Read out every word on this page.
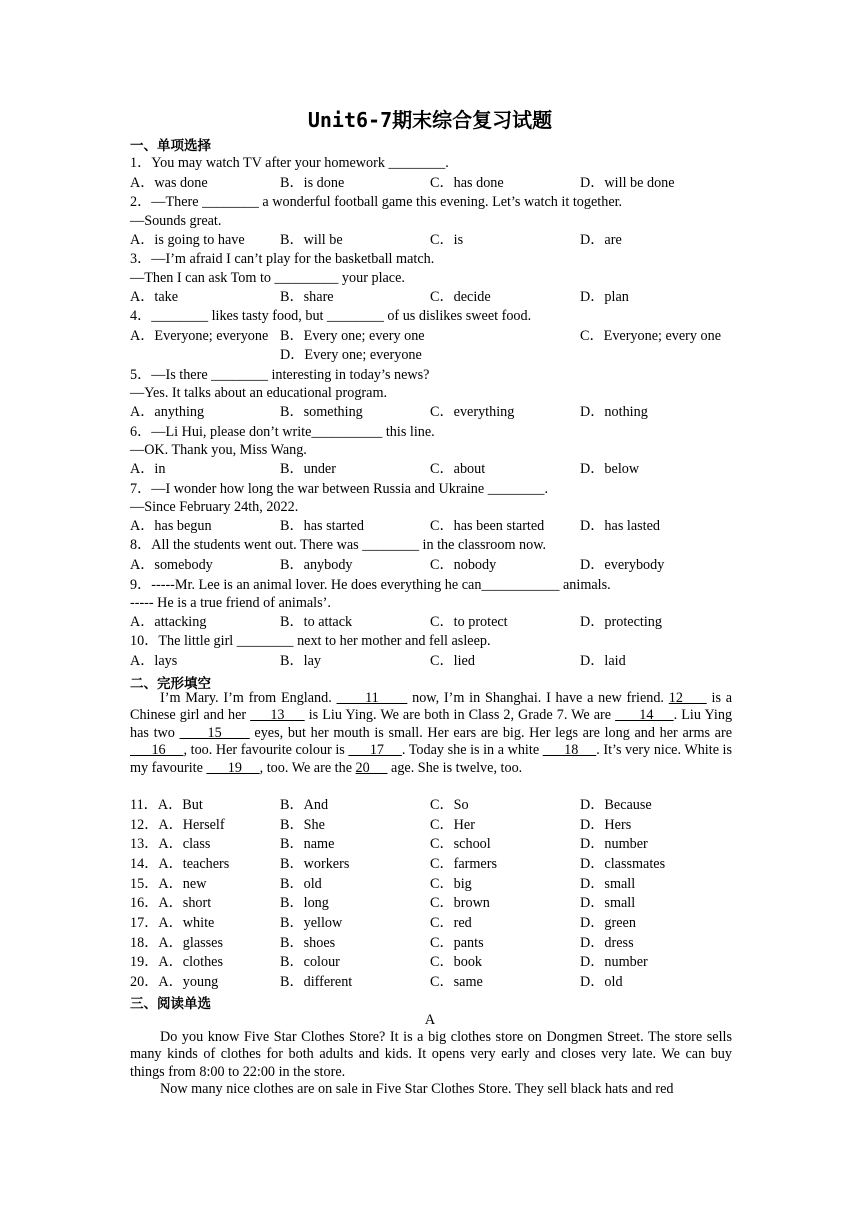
Unit6-7期末综合复习试题
一、单项选择
1．You may watch TV after your homework ________.
A．was done	B．is done	C．has done	D．will be done
2．—There ________ a wonderful football game this evening. Let’s watch it together.
—Sounds great.
A．is going to have B．will be	C．is	D．are
3．—I’m afraid I can’t play for the basketball match.
—Then I can ask Tom to _________ your place.
A．take	B．share	C．decide	D．plan
4．________ likes tasty food, but ________ of us dislikes sweet food.
A．Everyone; everyone B．Every one; every one	C．Everyone; every one
D．Every one; everyone
5．—Is there ________ interesting in today’s news?
—Yes. It talks about an educational program.
A．anything	B．something	C．everything	D．nothing
6．—Li Hui, please don’t write__________ this line.
—OK. Thank you, Miss Wang.
A．in	B．under	C．about	D．below
7．—I wonder how long the war between Russia and Ukraine ________.
—Since February 24th, 2022.
A．has begun	B．has started	C．has been started	D．has lasted
8．All the students went out. There was ________ in the classroom now.
A．somebody	B．anybody	C．nobody	D．everybody
9．-----Mr. Lee is an animal lover. He does everything he can___________ animals.
----- He is a true friend of animals’.
A．attacking	B．to attack	C．to protect	D．protecting
10．The little girl ________ next to her mother and fell asleep.
A．lays	B．lay	C．lied	D．laid
二、完形填空
I’m Mary. I’m from England.       11       now, I’m in Shanghai. I have a new friend. 12      is a Chinese girl and her      13      is Liu Ying. We are both in Class 2, Grade 7. We are       14     . Liu Ying has two       15       eyes, but her mouth is small. Her ears are big. Her legs are long and her arms are       16     , too. Her favourite colour is       17     . Today she is in a white       18     . It’s very nice. White is my favourite       19     , too. We are the 20      age. She is twelve, too.
11．A．But	B．And	C．So	D．Because
12．A．Herself	B．She	C．Her	D．Hers
13．A．class	B．name	C．school	D．number
14．A．teachers	B．workers	C．farmers	D．classmates
15．A．new	B．old	C．big	D．small
16．A．short	B．long	C．brown	D．small
17．A．white	B．yellow	C．red	D．green
18．A．glasses	B．shoes	C．pants	D．dress
19．A．clothes	B．colour	C．book	D．number
20．A．young	B．different	C．same	D．old
三、阅读单选
A
Do you know Five Star Clothes Store? It is a big clothes store on Dongmen Street. The store sells many kinds of clothes for both adults and kids. It opens very early and closes very late. We can buy things from 8:00 to 22:00 in the store.
Now many nice clothes are on sale in Five Star Clothes Store. They sell black hats and red
